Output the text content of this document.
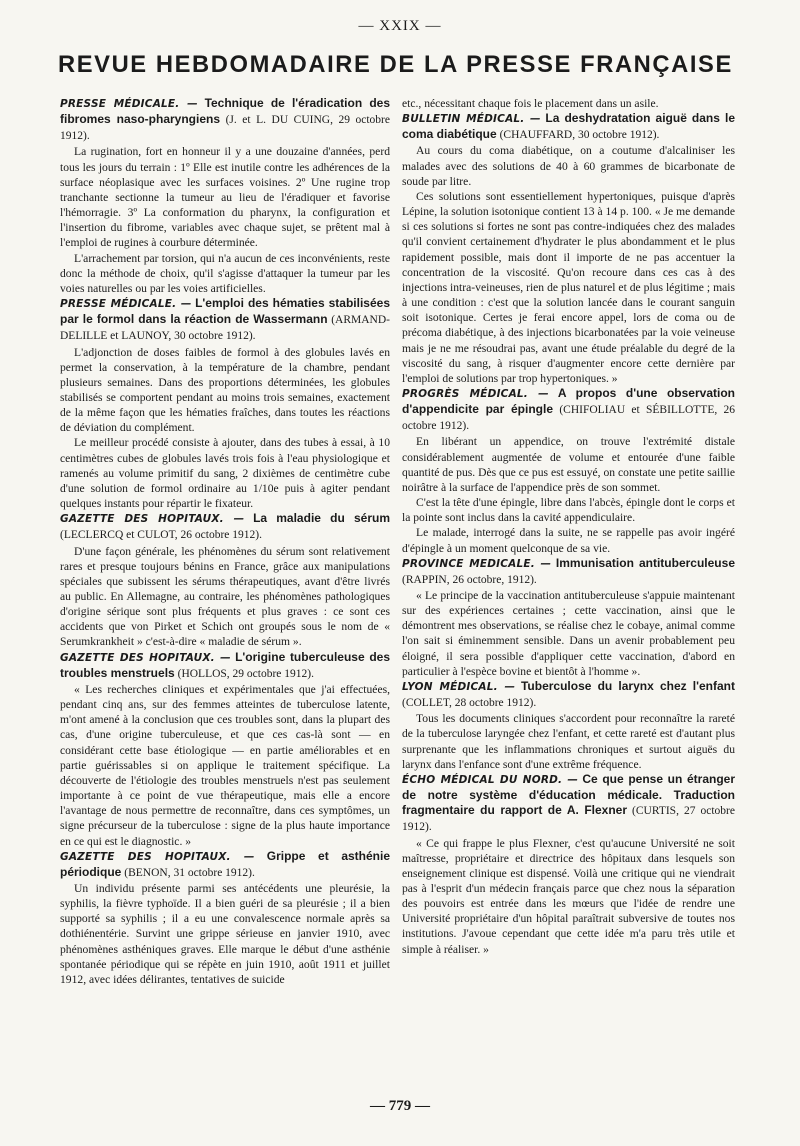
— XXIX —
REVUE HEBDOMADAIRE DE LA PRESSE FRANÇAISE

PRESSE MÉDICALE. — Technique de l'éradication des fibromes naso-pharyngiens (J. et L. DU CUING, 29 octobre 1912).

La rugination, fort en honneur il y a une douzaine d'années, perd tous les jours du terrain : 1º Elle est inutile contre les adhérences de la surface néoplasique avec les surfaces voisines. 2º Une rugine trop tranchante sectionne la tumeur au lieu de l'éradiquer et favorise l'hémorragie. 3º La conformation du pharynx, la configuration et l'insertion du fibrome, variables avec chaque sujet, se prêtent mal à l'emploi de rugines à courbure déterminée.

L'arrachement par torsion, qui n'a aucun de ces inconvénients, reste donc la méthode de choix, qu'il s'agisse d'attaquer la tumeur par les voies naturelles ou par les voies artificielles.

PRESSE MÉDICALE. — L'emploi des hématies stabilisées par le formol dans la réaction de Wassermann (ARMAND-DELILLE et LAUNOY, 30 octobre 1912).

L'adjonction de doses faibles de formol à des globules lavés en permet la conservation, à la température de la chambre, pendant plusieurs semaines. Dans des proportions déterminées, les globules stabilisés se comportent pendant au moins trois semaines, exactement de la même façon que les hématies fraîches, dans toutes les réactions de déviation du complément.

Le meilleur procédé consiste à ajouter, dans des tubes à essai, à 10 centimètres cubes de globules lavés trois fois à l'eau physiologique et ramenés au volume primitif du sang, 2 dixièmes de centimètre cube d'une solution de formol ordinaire au 1/10e puis à agiter pendant quelques instants pour répartir le fixateur.

GAZETTE DES HOPITAUX. — La maladie du sérum (LECLERCQ et CULOT, 26 octobre 1912).

D'une façon générale, les phénomènes du sérum sont relativement rares et presque toujours bénins en France, grâce aux manipulations spéciales que subissent les sérums thérapeutiques, avant d'être livrés au public. En Allemagne, au contraire, les phénomènes pathologiques d'origine sérique sont plus fréquents et plus graves : ce sont ces accidents que von Pirket et Schich ont groupés sous le nom de « Serumkrankheit » c'est-à-dire « maladie de sérum ».

GAZETTE DES HOPITAUX. — L'origine tuberculeuse des troubles menstruels (HOLLOS, 29 octobre 1912).

« Les recherches cliniques et expérimentales que j'ai effectuées, pendant cinq ans, sur des femmes atteintes de tuberculose latente, m'ont amené à la conclusion que ces troubles sont, dans la plupart des cas, d'une origine tuberculeuse, et que ces cas-là sont — en considérant cette base étiologique — en partie améliorables et en partie guérissables si on applique le traitement spécifique. La découverte de l'étiologie des troubles menstruels n'est pas seulement importante à ce point de vue thérapeutique, mais elle a encore l'avantage de nous permettre de reconnaître, dans ces symptômes, un signe précurseur de la tuberculose : signe de la plus haute importance en ce qui est le diagnostic. »

GAZETTE DES HOPITAUX. — Grippe et asthénie périodique (BENON, 31 octobre 1912).

Un individu présente parmi ses antécédents une pleurésie, la syphilis, la fièvre typhoïde. Il a bien guéri de sa pleurésie ; il a bien supporté sa syphilis ; il a eu une convalescence normale après sa dothiénentérie. Survint une grippe sérieuse en janvier 1910, avec phénomènes asthéniques graves. Elle marque le début d'une asthénie spontanée périodique qui se répète en juin 1910, août 1911 et juillet 1912, avec idées délirantes, tentatives de suicide

etc., nécessitant chaque fois le placement dans un asile.

BULLETIN MÉDICAL. — La deshydratation aiguë dans le coma diabétique (CHAUFFARD, 30 octobre 1912).

Au cours du coma diabétique, on a coutume d'alcaliniser les malades avec des solutions de 40 à 60 grammes de bicarbonate de soude par litre.

Ces solutions sont essentiellement hypertoniques, puisque d'après Lépine, la solution isotonique contient 13 à 14 p. 100. « Je me demande si ces solutions si fortes ne sont pas contre-indiquées chez des malades qu'il convient certainement d'hydrater le plus abondamment et le plus rapidement possible, mais dont il importe de ne pas accentuer la concentration de la viscosité. Qu'on recoure dans ces cas à des injections intra-veineuses, rien de plus naturel et de plus légitime ; mais à une condition : c'est que la solution lancée dans le courant sanguin soit isotonique. Certes je ferai encore appel, lors de coma ou de précoma diabétique, à des injections bicarbonatées par la voie veineuse mais je ne me résoudrai pas, avant une étude préalable du degré de la viscosité du sang, à risquer d'augmenter encore cette dernière par l'emploi de solutions par trop hypertoniques. »

PROGRÈS MÉDICAL. — A propos d'une observation d'appendicite par épingle (CHIFOLIAU et SÉBILLOTTE, 26 octobre 1912).

En libérant un appendice, on trouve l'extrémité distale considérablement augmentée de volume et entourée d'une faible quantité de pus. Dès que ce pus est essuyé, on constate une petite saillie noirâtre à la surface de l'appendice près de son sommet.

C'est la tête d'une épingle, libre dans l'abcès, épingle dont le corps et la pointe sont inclus dans la cavité appendiculaire.

Le malade, interrogé dans la suite, ne se rappelle pas avoir ingéré d'épingle à un moment quelconque de sa vie.

PROVINCE MEDICALE. — Immunisation antituberculeuse (RAPPIN, 26 octobre, 1912).

« Le principe de la vaccination antituberculeuse s'appuie maintenant sur des expériences certaines ; cette vaccination, ainsi que le démontrent mes observations, se réalise chez le cobaye, animal comme l'on sait si éminemment sensible. Dans un avenir probablement peu éloigné, il sera possible d'appliquer cette vaccination, d'abord en particulier à l'espèce bovine et bientôt à l'homme ».

LYON MÉDICAL. — Tuberculose du larynx chez l'enfant (COLLET, 28 octobre 1912).

Tous les documents cliniques s'accordent pour reconnaître la rareté de la tuberculose laryngée chez l'enfant, et cette rareté est d'autant plus surprenante que les inflammations chroniques et surtout aiguës du larynx dans l'enfance sont d'une extrême fréquence.

ÉCHO MÉDICAL DU NORD. — Ce que pense un étranger de notre système d'éducation médicale. Traduction fragmentaire du rapport de A. Flexner (CURTIS, 27 octobre 1912).

« Ce qui frappe le plus Flexner, c'est qu'aucune Université ne soit maîtresse, propriétaire et directrice des hôpitaux dans lesquels son enseignement clinique est dispensé. Voilà une critique qui ne viendrait pas à l'esprit d'un médecin français parce que chez nous la séparation des pouvoirs est entrée dans les mœurs que l'idée de rendre une Université propriétaire d'un hôpital paraîtrait subversive de toutes nos institutions. J'avoue cependant que cette idée m'a paru très utile et simple à réaliser. »

— 779 —
